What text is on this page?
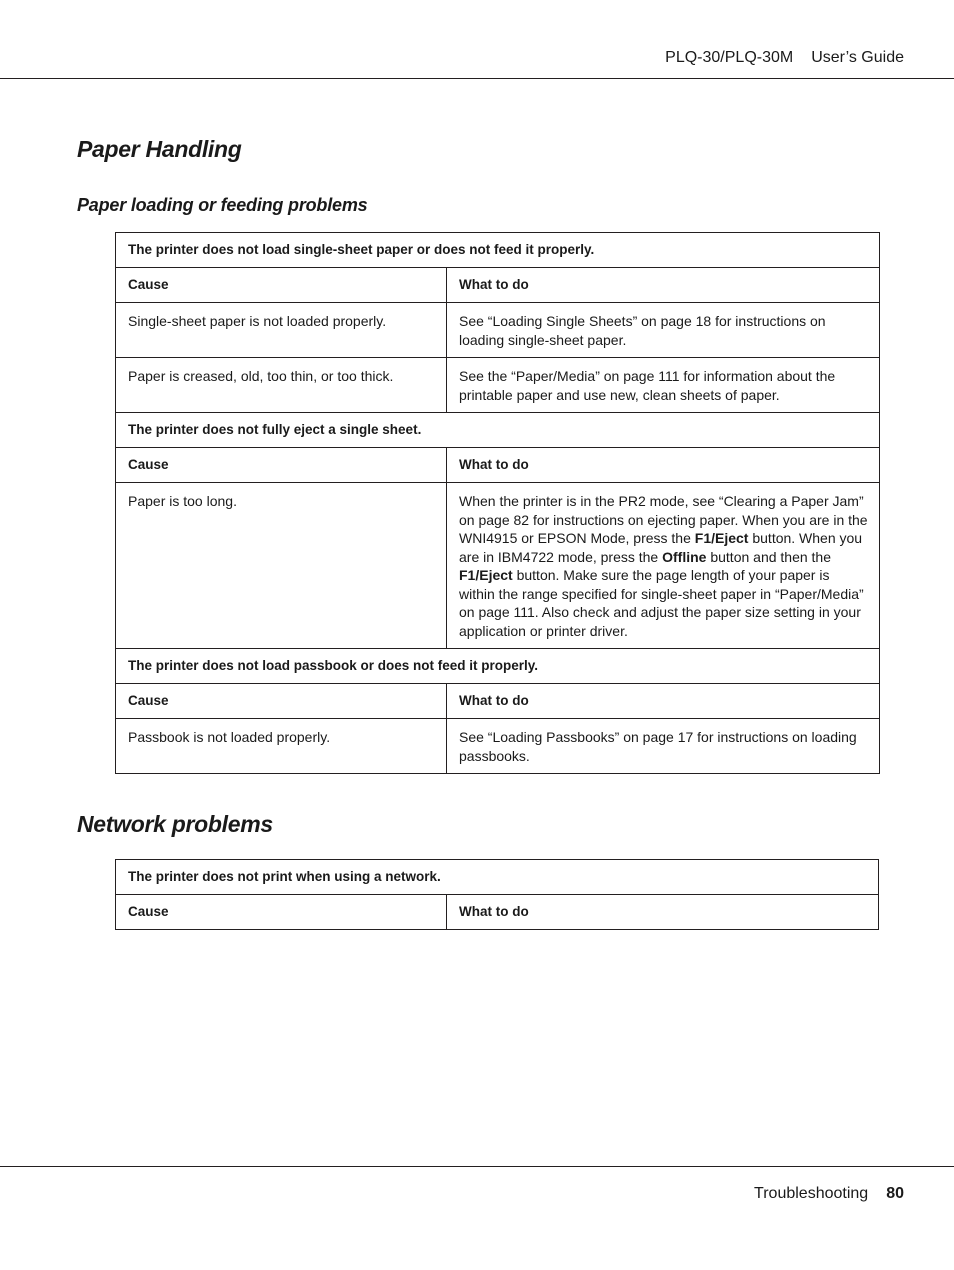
PLQ-30/PLQ-30M User’s Guide
Paper Handling
Paper loading or feeding problems
The printer does not load single-sheet paper or does not feed it properly.	
Cause	What to do
Single-sheet paper is not loaded properly.	See “Loading Single Sheets” on page 18 for instructions on loading single-sheet paper.
Paper is creased, old, too thin, or too thick.	See the “Paper/Media” on page 111 for information about the printable paper and use new, clean sheets of paper.
The printer does not fully eject a single sheet.	
Cause	What to do
Paper is too long.	When the printer is in the PR2 mode, see “Clearing a Paper Jam” on page 82 for instructions on ejecting paper. When you are in the WNI4915 or EPSON Mode, press the F1/Eject button. When you are in IBM4722 mode, press the Offline button and then the F1/Eject button. Make sure the page length of your paper is within the range specified for single-sheet paper in “Paper/Media” on page 111. Also check and adjust the paper size setting in your application or printer driver.
The printer does not load passbook or does not feed it properly.	
Cause	What to do
Passbook is not loaded properly.	See “Loading Passbooks” on page 17 for instructions on loading passbooks.
Network problems
The printer does not print when using a network.
Cause	What to do
Troubleshooting 80
